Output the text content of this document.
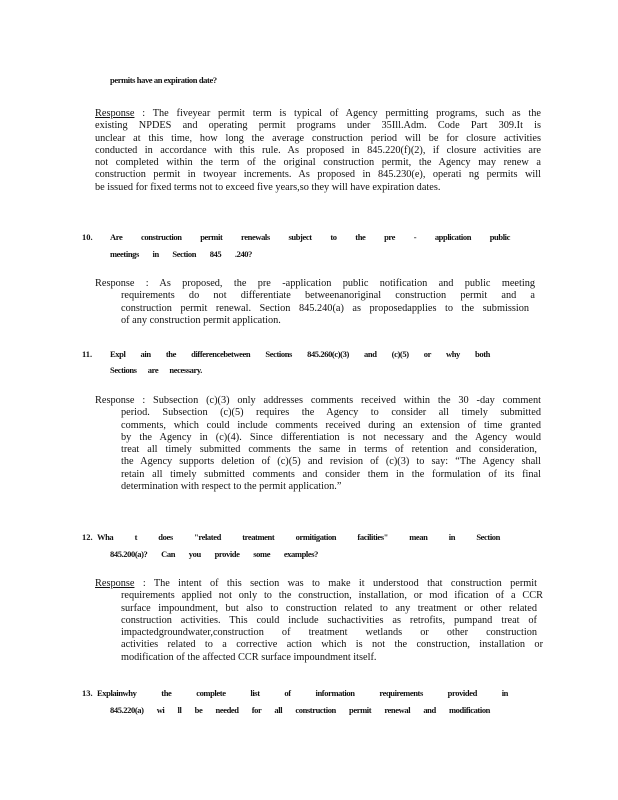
permits have an expiration date?
Response : The fiveyear permit term is typical of Agency permitting programs, such as the
existing NPDES and operating permit programs under 35Ill.Adm. Code Part 309.It is
unclear at this time, how long the average construction period will be for closure activities
conducted in accordance with this rule. As proposed in 845.220(f)(2), if closure activities are
not completed within the term of the original construction permit, the Agency may renew a
construction permit in twoyear increments. As proposed in 845.230(e), operati ng permits will
be issued for fixed terms not to exceed five years,so they will have expiration dates.
10. Are construction permit renewals subject to the pre - application public
meetings in Section 845 .240?
Response : As proposed, the pre -application public notification and public meeting
requirements do not differentiate betweenanoriginal construction permit and a
construction permit renewal. Section 845.240(a) as proposedapplies to the submission
of any construction permit application.
11. Expl ain the differencebetween Sections 845.260(c)(3) and (c)(5) or why both
Sections are necessary.
Response : Subsection (c)(3) only addresses comments received within the 30 -day comment
period. Subsection (c)(5) requires the Agency to consider all timely submitted
comments, which could include comments received during an extension of time granted
by the Agency in (c)(4). Since differentiation is not necessary and the Agency would
treat all timely submitted comments the same in terms of retention and consideration,
the Agency supports deletion of (c)(5) and revision of (c)(3) to say: “The Agency shall
retain all timely submitted comments and consider them in the formulation of its final
determination with respect to the permit application.”
12. Wha t does "related treatment ormitigation facilities" mean in Section
845.200(a)? Can you provide some examples?
Response : The intent of this section was to make it understood that construction permit
requirements applied not only to the construction, installation, or mod ification of a CCR
surface impoundment, but also to construction related to any treatment or other related
construction activities. This could include suchactivities as retrofits, pumpand treat of
impactedgroundwater,construction of treatment wetlands or other construction
activities related to a corrective action which is not the construction, installation or
modification of the affected CCR surface impoundment itself.
13. Explainwhy the complete list of information requirements provided in
845.220(a) wi ll be needed for all construction permit renewal and modification
